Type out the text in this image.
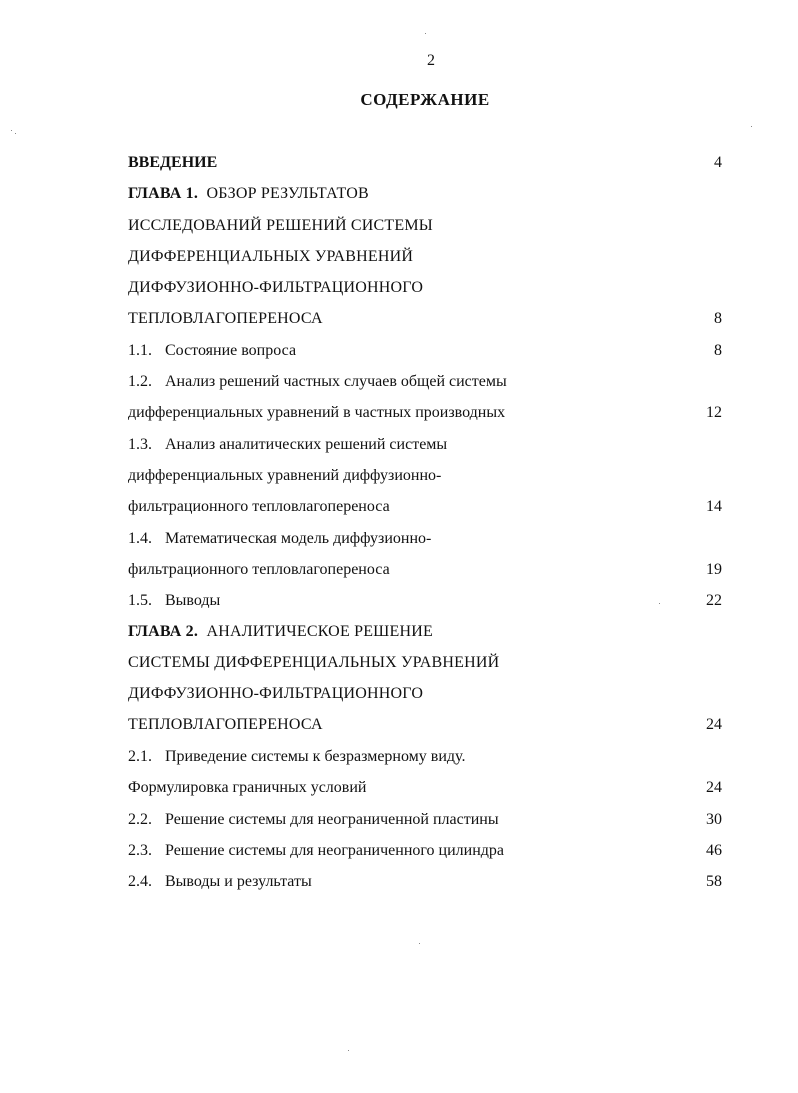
2
СОДЕРЖАНИЕ
ВВЕДЕНИЕ	4
ГЛАВА 1. ОБЗОР РЕЗУЛЬТАТОВ
ИССЛЕДОВАНИЙ РЕШЕНИЙ СИСТЕМЫ
ДИФФЕРЕНЦИАЛЬНЫХ УРАВНЕНИЙ
ДИФФУЗИОННО-ФИЛЬТРАЦИОННОГО
ТЕПЛОВЛАГОПЕРЕНОСА	8
1.1. Состояние вопроса	8
1.2. Анализ решений частных случаев общей системы
дифференциальных уравнений в частных производных	12
1.3. Анализ аналитических решений системы
дифференциальных уравнений диффузионно-
фильтрационного тепловлагопереноса	14
1.4. Математическая модель диффузионно-
фильтрационного тепловлагопереноса	19
1.5. Выводы	22
ГЛАВА 2. АНАЛИТИЧЕСКОЕ РЕШЕНИЕ
СИСТЕМЫ ДИФФЕРЕНЦИАЛЬНЫХ УРАВНЕНИЙ
ДИФФУЗИОННО-ФИЛЬТРАЦИОННОГО
ТЕПЛОВЛАГОПЕРЕНОСА	24
2.1. Приведение системы к безразмерному виду.
Формулировка граничных условий	24
2.2. Решение системы для неограниченной пластины	30
2.3. Решение системы для неограниченного цилиндра	46
2.4. Выводы и результаты	58
